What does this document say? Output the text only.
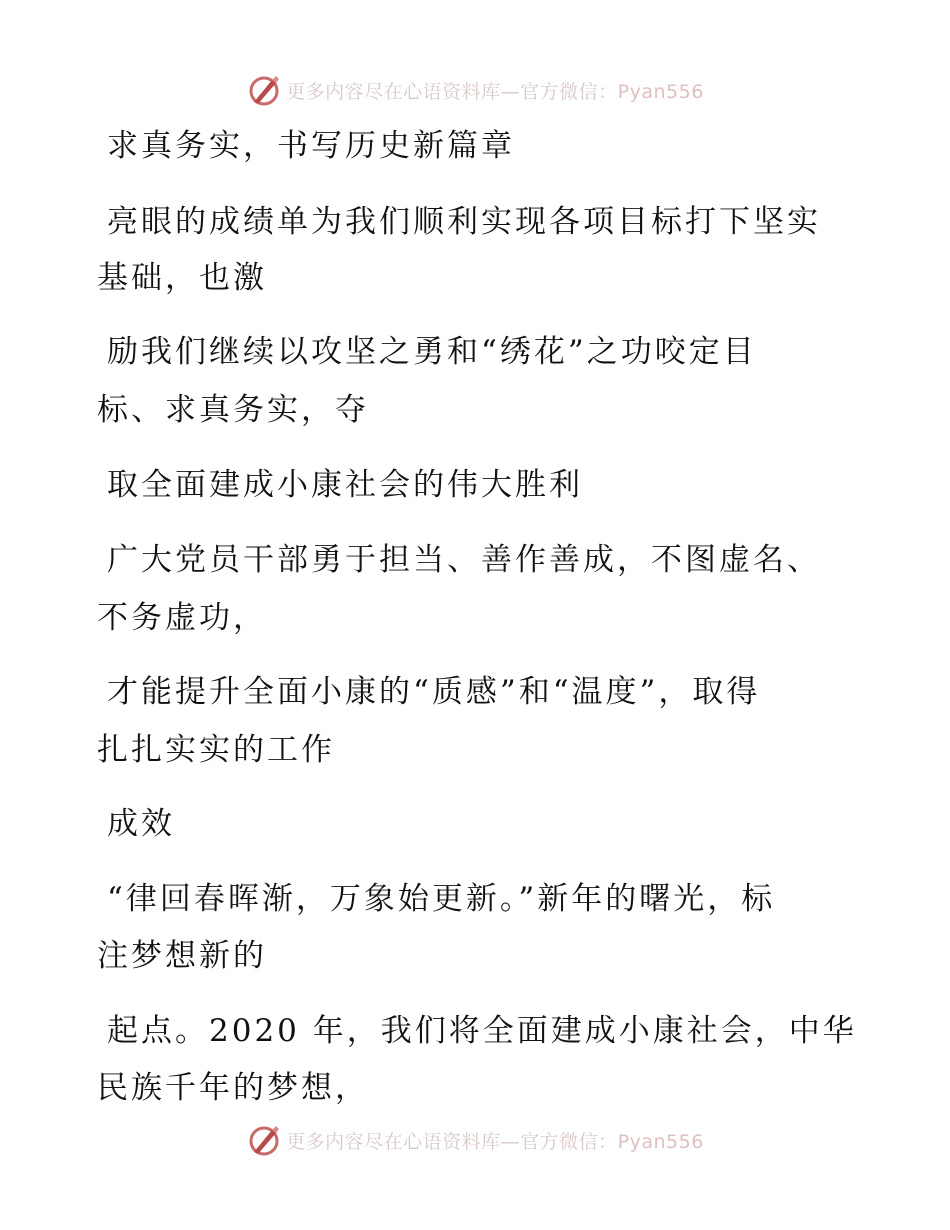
更多内容尽在心语资料库—官方微信：Pyan556
求真务实，书写历史新篇章
亮眼的成绩单为我们顺利实现各项目标打下坚实
基础，也激
励我们继续以攻坚之勇和“绣花”之功咬定目
标、求真务实，夺
取全面建成小康社会的伟大胜利
广大党员干部勇于担当、善作善成，不图虚名、
不务虚功，
才能提升全面小康的“质感”和“温度”，取得
扎扎实实的工作
成效
“律回春晖渐，万象始更新。”新年的曙光，标
注梦想新的
起点。2020 年，我们将全面建成小康社会，中华
民族千年的梦想，
更多内容尽在心语资料库—官方微信：Pyan556
